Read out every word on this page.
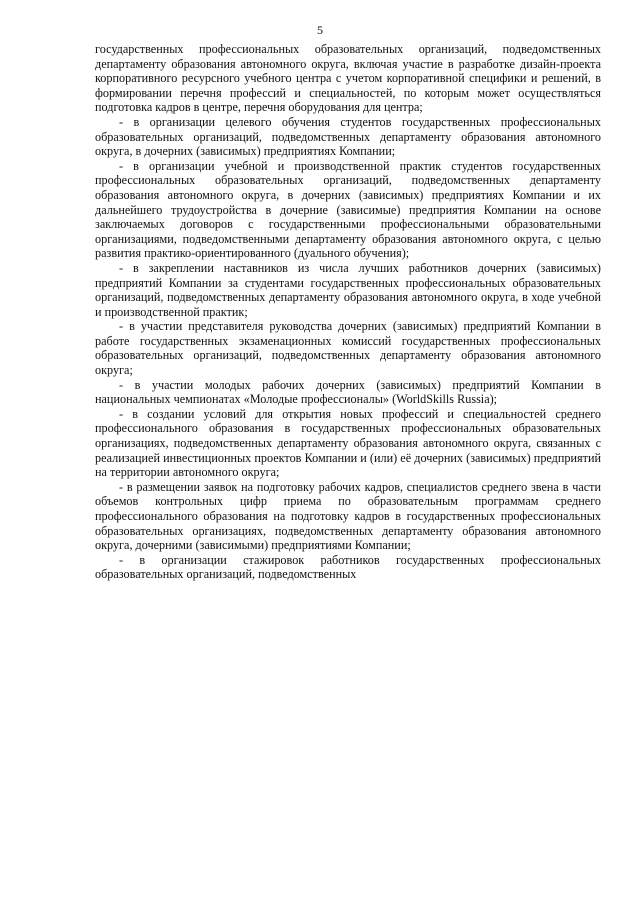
5

государственных профессиональных образовательных организаций, подведомственных департаменту образования автономного округа, включая участие в разработке дизайн-проекта корпоративного ресурсного учебного центра с учетом корпоративной специфики и решений, в формировании перечня профессий и специальностей, по которым может осуществляться подготовка кадров в центре, перечня оборудования для центра;

- в организации целевого обучения студентов государственных профессиональных образовательных организаций, подведомственных департаменту образования автономного округа, в дочерних (зависимых) предприятиях Компании;

- в организации учебной и производственной практик студентов государственных профессиональных образовательных организаций, подведомственных департаменту образования автономного округа, в дочерних (зависимых) предприятиях Компании и их дальнейшего трудоустройства в дочерние (зависимые) предприятия Компании на основе заключаемых договоров с государственными профессиональными образовательными организациями, подведомственными департаменту образования автономного округа, с целью развития практико-ориентированного (дуального обучения);

- в закреплении наставников из числа лучших работников дочерних (зависимых) предприятий Компании за студентами государственных профессиональных образовательных организаций, подведомственных департаменту образования автономного округа, в ходе учебной и производственной практик;

- в участии представителя руководства дочерних (зависимых) предприятий Компании в работе государственных экзаменационных комиссий государственных профессиональных образовательных организаций, подведомственных департаменту образования автономного округа;

- в участии молодых рабочих дочерних (зависимых) предприятий Компании в национальных чемпионатах «Молодые профессионалы» (WorldSkills Russia);

- в создании условий для открытия новых профессий и специальностей среднего профессионального образования в государственных профессиональных образовательных организациях, подведомственных департаменту образования автономного округа, связанных с реализацией инвестиционных проектов Компании и (или) её дочерних (зависимых) предприятий на территории автономного округа;

- в размещении заявок на подготовку рабочих кадров, специалистов среднего звена в части объемов контрольных цифр приема по образовательным программам среднего профессионального образования на подготовку кадров в государственных профессиональных образовательных организациях, подведомственных департаменту образования автономного округа, дочерними (зависимыми) предприятиями Компании;

- в организации стажировок работников государственных профессиональных образовательных организаций, подведомственных
